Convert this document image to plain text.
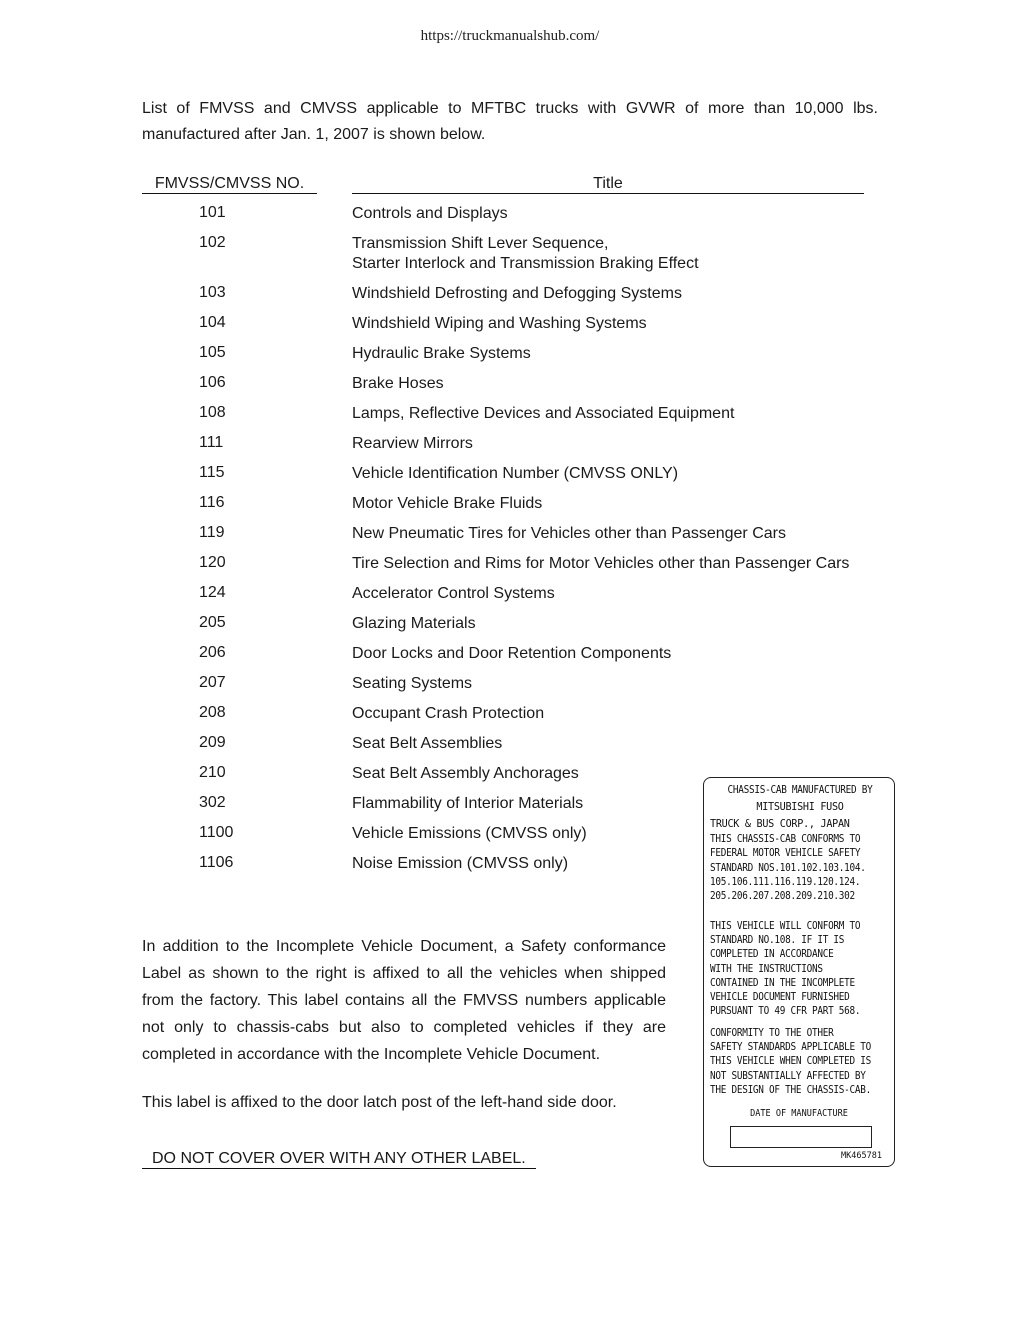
https://truckmanualshub.com/
List of FMVSS and CMVSS applicable to MFTBC trucks with GVWR of more than 10,000 lbs. manufactured after Jan. 1, 2007 is shown below.
FMVSS/CMVSS NO.	Title
101	Controls and Displays
102	Transmission Shift Lever Sequence,
Starter Interlock and Transmission Braking Effect
103	Windshield Defrosting and Defogging Systems
104	Windshield Wiping and Washing Systems
105	Hydraulic Brake Systems
106	Brake Hoses
108	Lamps, Reflective Devices and Associated Equipment
111	Rearview Mirrors
115	Vehicle Identification Number (CMVSS ONLY)
116	Motor Vehicle Brake Fluids
119	New Pneumatic Tires for Vehicles other than Passenger Cars
120	Tire Selection and Rims for Motor Vehicles other than Passenger Cars
124	Accelerator Control Systems
205	Glazing Materials
206	Door Locks and Door Retention Components
207	Seating Systems
208	Occupant Crash Protection
209	Seat Belt Assemblies
210	Seat Belt Assembly Anchorages
302	Flammability of Interior Materials
1100	Vehicle Emissions (CMVSS only)
1106	Noise Emission (CMVSS only)
In addition to the Incomplete Vehicle Document, a Safety conformance Label as shown to the right is affixed to all the vehicles when shipped from the factory. This label contains all the FMVSS numbers applicable not only to chassis-cabs but also to completed vehicles if they are completed in accordance with the Incomplete Vehicle Document.
This label is affixed to the door latch post of the left-hand side door.
DO NOT COVER OVER WITH ANY OTHER LABEL.
CHASSIS-CAB MANUFACTURED BY
MITSUBISHI FUSO
TRUCK & BUS CORP., JAPAN
THIS CHASSIS-CAB CONFORMS TO
FEDERAL MOTOR VEHICLE SAFETY
STANDARD NOS.101.102.103.104.
105.106.111.116.119.120.124.
205.206.207.208.209.210.302
THIS VEHICLE WILL CONFORM TO
STANDARD NO.108. IF IT IS
COMPLETED IN ACCORDANCE
WITH THE INSTRUCTIONS
CONTAINED IN THE INCOMPLETE
VEHICLE DOCUMENT FURNISHED
PURSUANT TO 49 CFR PART 568.
CONFORMITY TO THE OTHER
SAFETY STANDARDS APPLICABLE TO
THIS VEHICLE WHEN COMPLETED IS
NOT SUBSTANTIALLY AFFECTED BY
THE DESIGN OF THE CHASSIS-CAB.
DATE OF MANUFACTURE
MK465781
